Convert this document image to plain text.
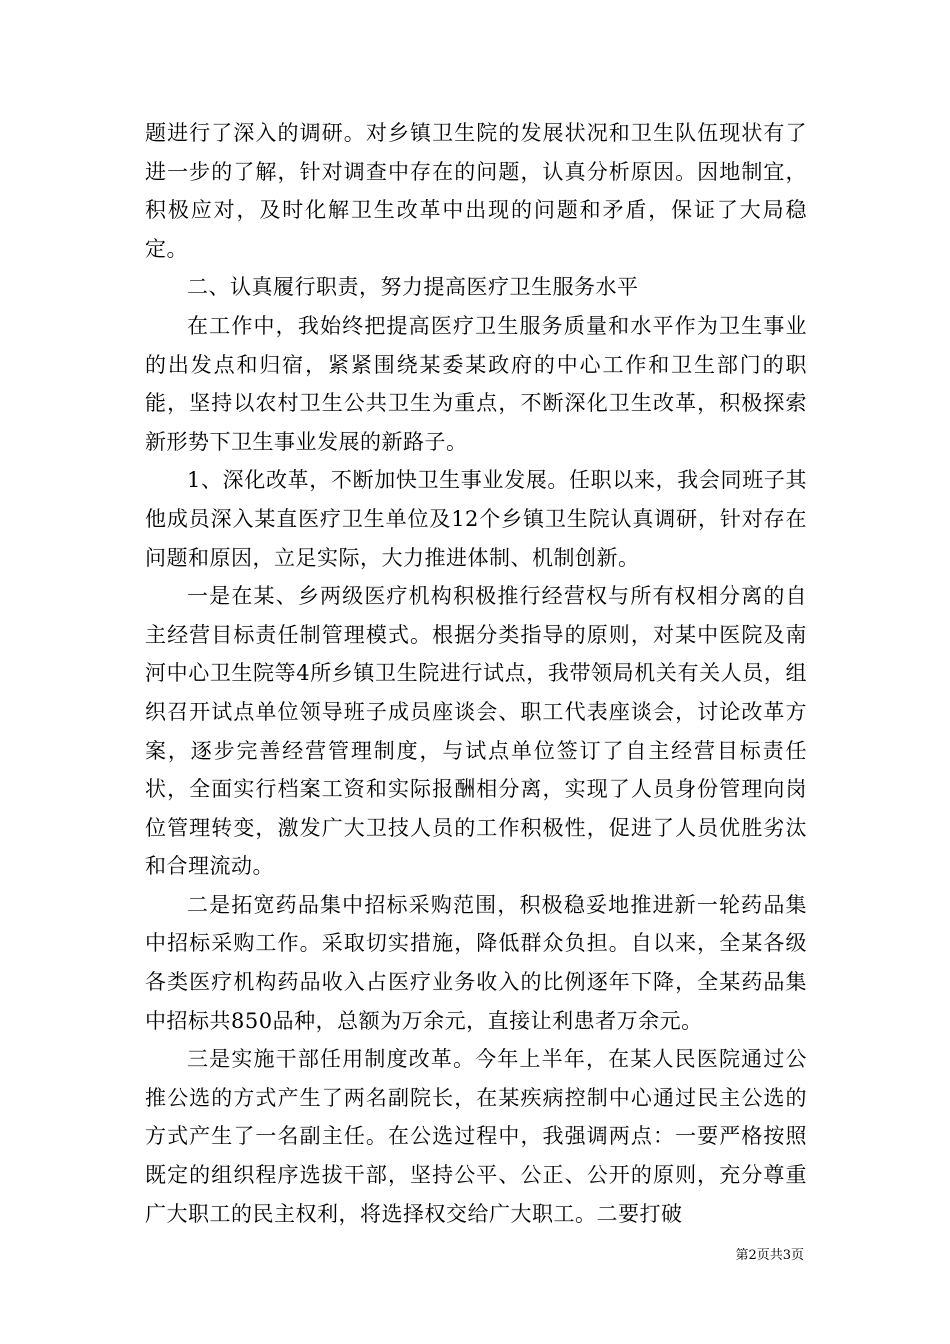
题进行了深入的调研。对乡镇卫生院的发展状况和卫生队伍现状有了进一步的了解，针对调查中存在的问题，认真分析原因。因地制宜，积极应对，及时化解卫生改革中出现的问题和矛盾，保证了大局稳定。

二、认真履行职责，努力提高医疗卫生服务水平

在工作中，我始终把提高医疗卫生服务质量和水平作为卫生事业的出发点和归宿，紧紧围绕某委某政府的中心工作和卫生部门的职能，坚持以农村卫生公共卫生为重点，不断深化卫生改革，积极探索新形势下卫生事业发展的新路子。

1、深化改革，不断加快卫生事业发展。任职以来，我会同班子其他成员深入某直医疗卫生单位及12个乡镇卫生院认真调研，针对存在问题和原因，立足实际，大力推进体制、机制创新。

一是在某、乡两级医疗机构积极推行经营权与所有权相分离的自主经营目标责任制管理模式。根据分类指导的原则，对某中医院及南河中心卫生院等4所乡镇卫生院进行试点，我带领局机关有关人员，组织召开试点单位领导班子成员座谈会、职工代表座谈会，讨论改革方案，逐步完善经营管理制度，与试点单位签订了自主经营目标责任状，全面实行档案工资和实际报酬相分离，实现了人员身份管理向岗位管理转变，激发广大卫技人员的工作积极性，促进了人员优胜劣汰和合理流动。

二是拓宽药品集中招标采购范围，积极稳妥地推进新一轮药品集中招标采购工作。采取切实措施，降低群众负担。自以来，全某各级各类医疗机构药品收入占医疗业务收入的比例逐年下降，全某药品集中招标共850品种，总额为万余元，直接让利患者万余元。

三是实施干部任用制度改革。今年上半年，在某人民医院通过公推公选的方式产生了两名副院长，在某疾病控制中心通过民主公选的方式产生了一名副主任。在公选过程中，我强调两点：一要严格按照既定的组织程序选拔干部，坚持公平、公正、公开的原则，充分尊重广大职工的民主权利，将选择权交给广大职工。二要打破

第2页共3页
